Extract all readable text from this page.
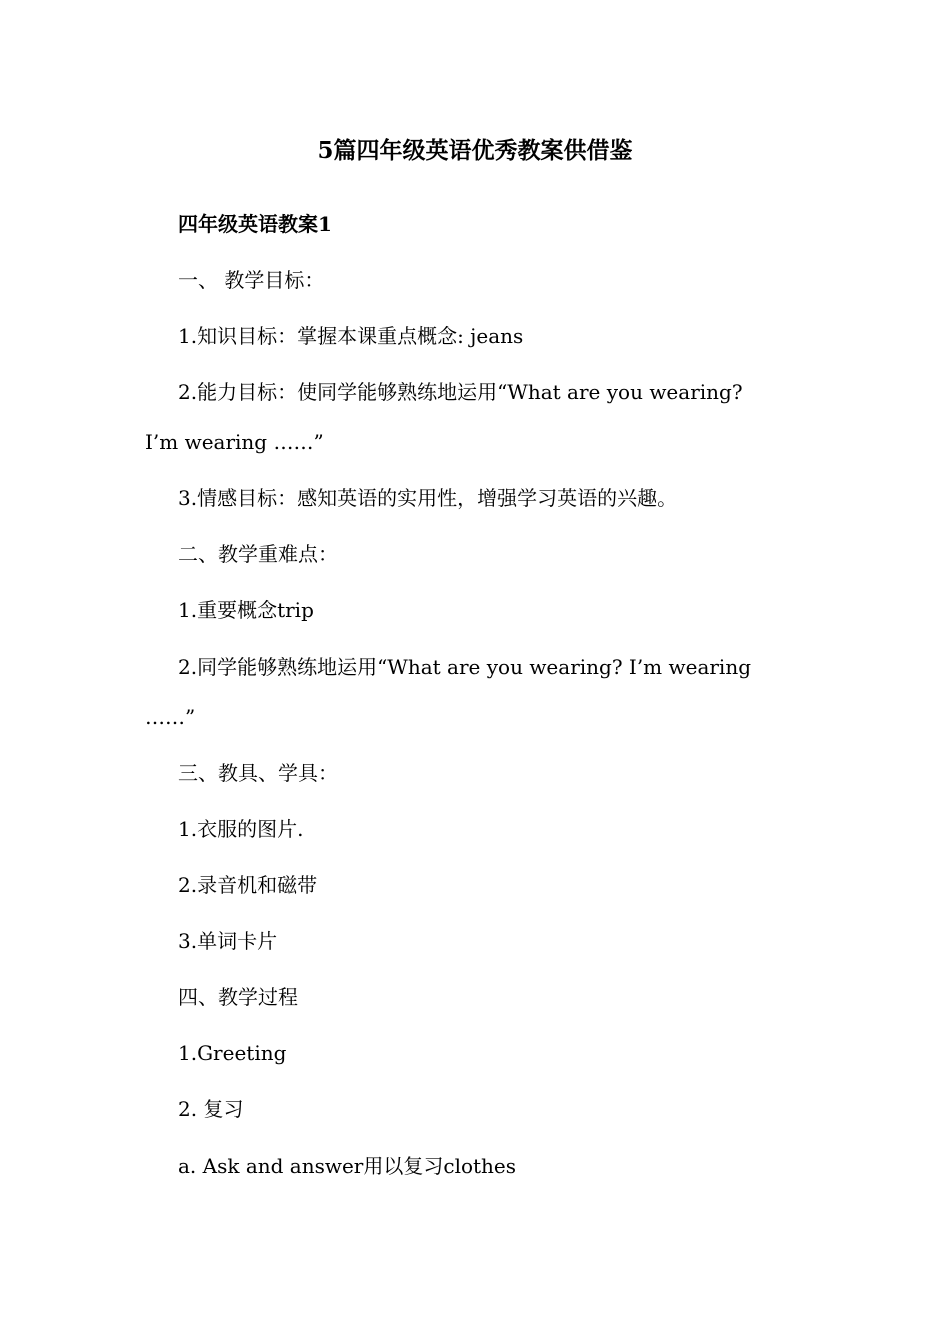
5篇四年级英语优秀教案供借鉴
四年级英语教案1
一、 教学目标：
1.知识目标：掌握本课重点概念: jeans
2.能力目标：使同学能够熟练地运用“What are you wearing?
I’m wearing ……”
3.情感目标：感知英语的实用性，增强学习英语的兴趣。
二、教学重难点：
1.重要概念trip
2.同学能够熟练地运用“What are you wearing? I’m wearing
……”
三、教具、学具：
1.衣服的图片.
2.录音机和磁带
3.单词卡片
四、教学过程
1.Greeting
2. 复习
a. Ask and answer用以复习clothes
